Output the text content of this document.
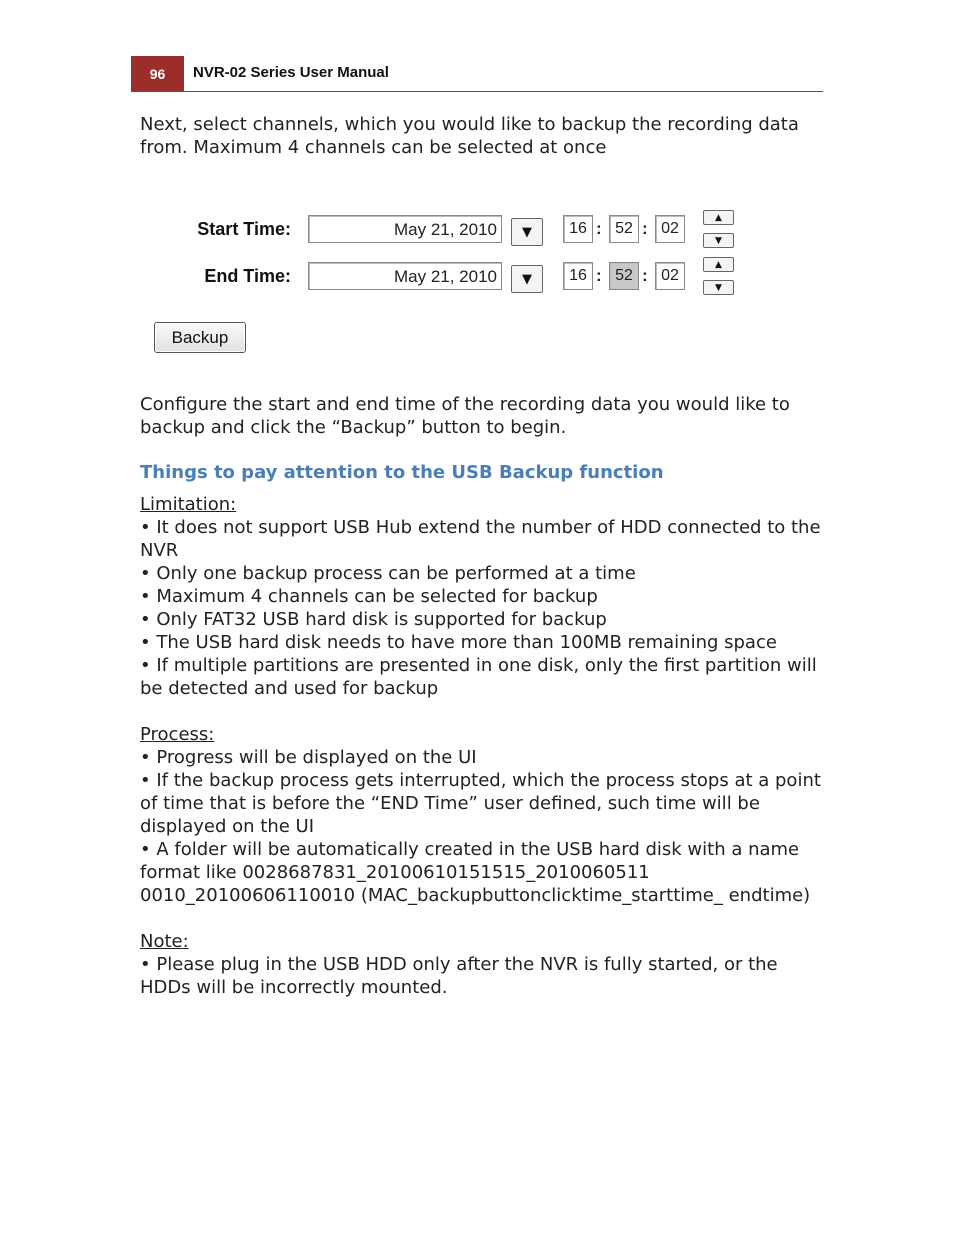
96	NVR-02 Series User Manual

Next, select channels, which you would like to backup the recording data from. Maximum 4 channels can be selected at once

Start Time:	May 21, 2010	▼	16 : 52 : 02
▲
▼
End Time:	May 21, 2010	▼	16 : 52 : 02
▲
▼
Backup

Configure the start and end time of the recording data you would like to backup and click the “Backup” button to begin.

Things to pay attention to the USB Backup function

Limitation:

• It does not support USB Hub extend the number of HDD connected to the NVR

• Only one backup process can be performed at a time

• Maximum 4 channels can be selected for backup

• Only FAT32 USB hard disk is supported for backup

• The USB hard disk needs to have more than 100MB remaining space

• If multiple partitions are presented in one disk, only the first partition will be detected and used for backup

Process:

• Progress will be displayed on the UI

• If the backup process gets interrupted, which the process stops at a point of time that is before the “END Time” user defined, such time will be displayed on the UI

• A folder will be automatically created in the USB hard disk with a name format like 0028687831_20100610151515_2010060511 0010_20100606110010 (MAC_backupbuttonclicktime_starttime_ endtime)

Note:

• Please plug in the USB HDD only after the NVR is fully started, or the HDDs will be incorrectly mounted.
